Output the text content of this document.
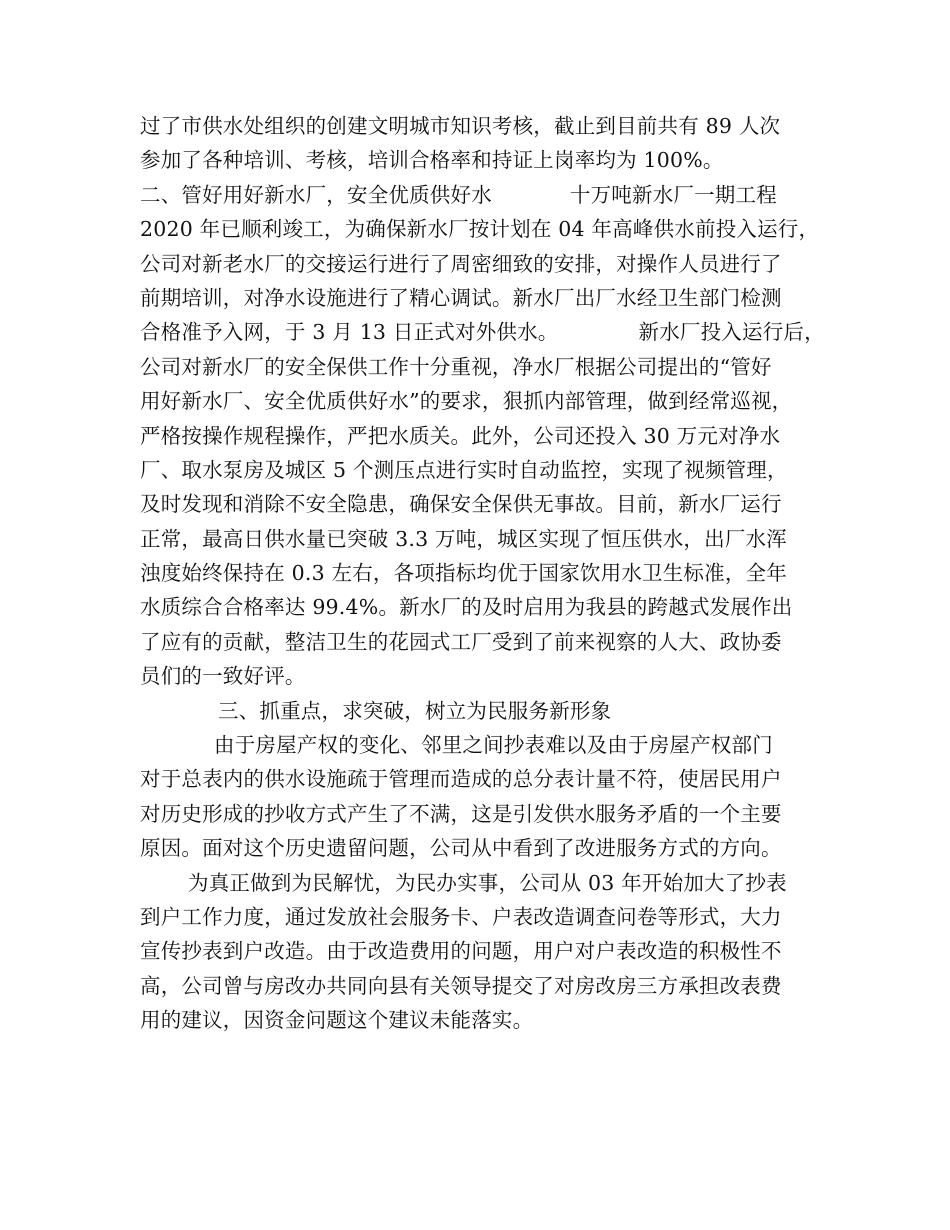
过了市供水处组织的创建文明城市知识考核，截止到目前共有 89 人次
参加了各种培训、考核，培训合格率和持证上岗率均为 100%。
二、管好用好新水厂，安全优质供好水	十万吨新水厂一期工程
2020 年已顺利竣工，为确保新水厂按计划在 04 年高峰供水前投入运行，
公司对新老水厂的交接运行进行了周密细致的安排，对操作人员进行了
前期培训，对净水设施进行了精心调试。新水厂出厂水经卫生部门检测
合格准予入网，于 3 月 13 日正式对外供水。	新水厂投入运行后，
公司对新水厂的安全保供工作十分重视，净水厂根据公司提出的“管好
用好新水厂、安全优质供好水”的要求，狠抓内部管理，做到经常巡视，
严格按操作规程操作，严把水质关。此外，公司还投入 30 万元对净水
厂、取水泵房及城区 5 个测压点进行实时自动监控，实现了视频管理，
及时发现和消除不安全隐患，确保安全保供无事故。目前，新水厂运行
正常，最高日供水量已突破 3.3 万吨，城区实现了恒压供水，出厂水浑
浊度始终保持在 0.3 左右，各项指标均优于国家饮用水卫生标准，全年
水质综合合格率达 99.4%。新水厂的及时启用为我县的跨越式发展作出
了应有的贡献，整洁卫生的花园式工厂受到了前来视察的人大、政协委
员们的一致好评。
三、抓重点，求突破，树立为民服务新形象
由于房屋产权的变化、邻里之间抄表难以及由于房屋产权部门
对于总表内的供水设施疏于管理而造成的总分表计量不符，使居民用户
对历史形成的抄收方式产生了不满，这是引发供水服务矛盾的一个主要
原因。面对这个历史遗留问题，公司从中看到了改进服务方式的方向。
为真正做到为民解忧，为民办实事，公司从 03 年开始加大了抄表
到户工作力度，通过发放社会服务卡、户表改造调查问卷等形式，大力
宣传抄表到户改造。由于改造费用的问题，用户对户表改造的积极性不
高，公司曾与房改办共同向县有关领导提交了对房改房三方承担改表费
用的建议，因资金问题这个建议未能落实。
